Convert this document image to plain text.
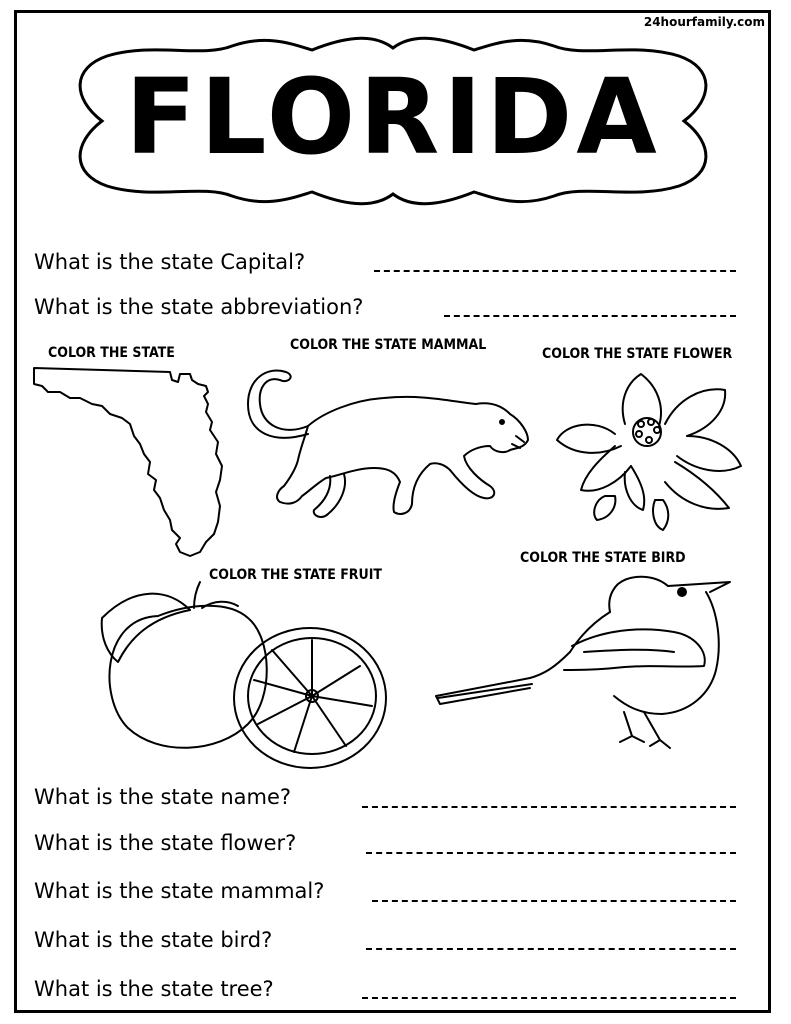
24hourfamily.com
FLORIDA
What is the state Capital?
What is the state abbreviation?
COLOR THE STATE	COLOR THE STATE MAMMAL
COLOR THE STATE FLOWER
COLOR THE STATE FRUIT
COLOR THE STATE BIRD
What is the state name?
What is the state flower?
What is the state mammal?
What is the state bird?
What is the state tree?
